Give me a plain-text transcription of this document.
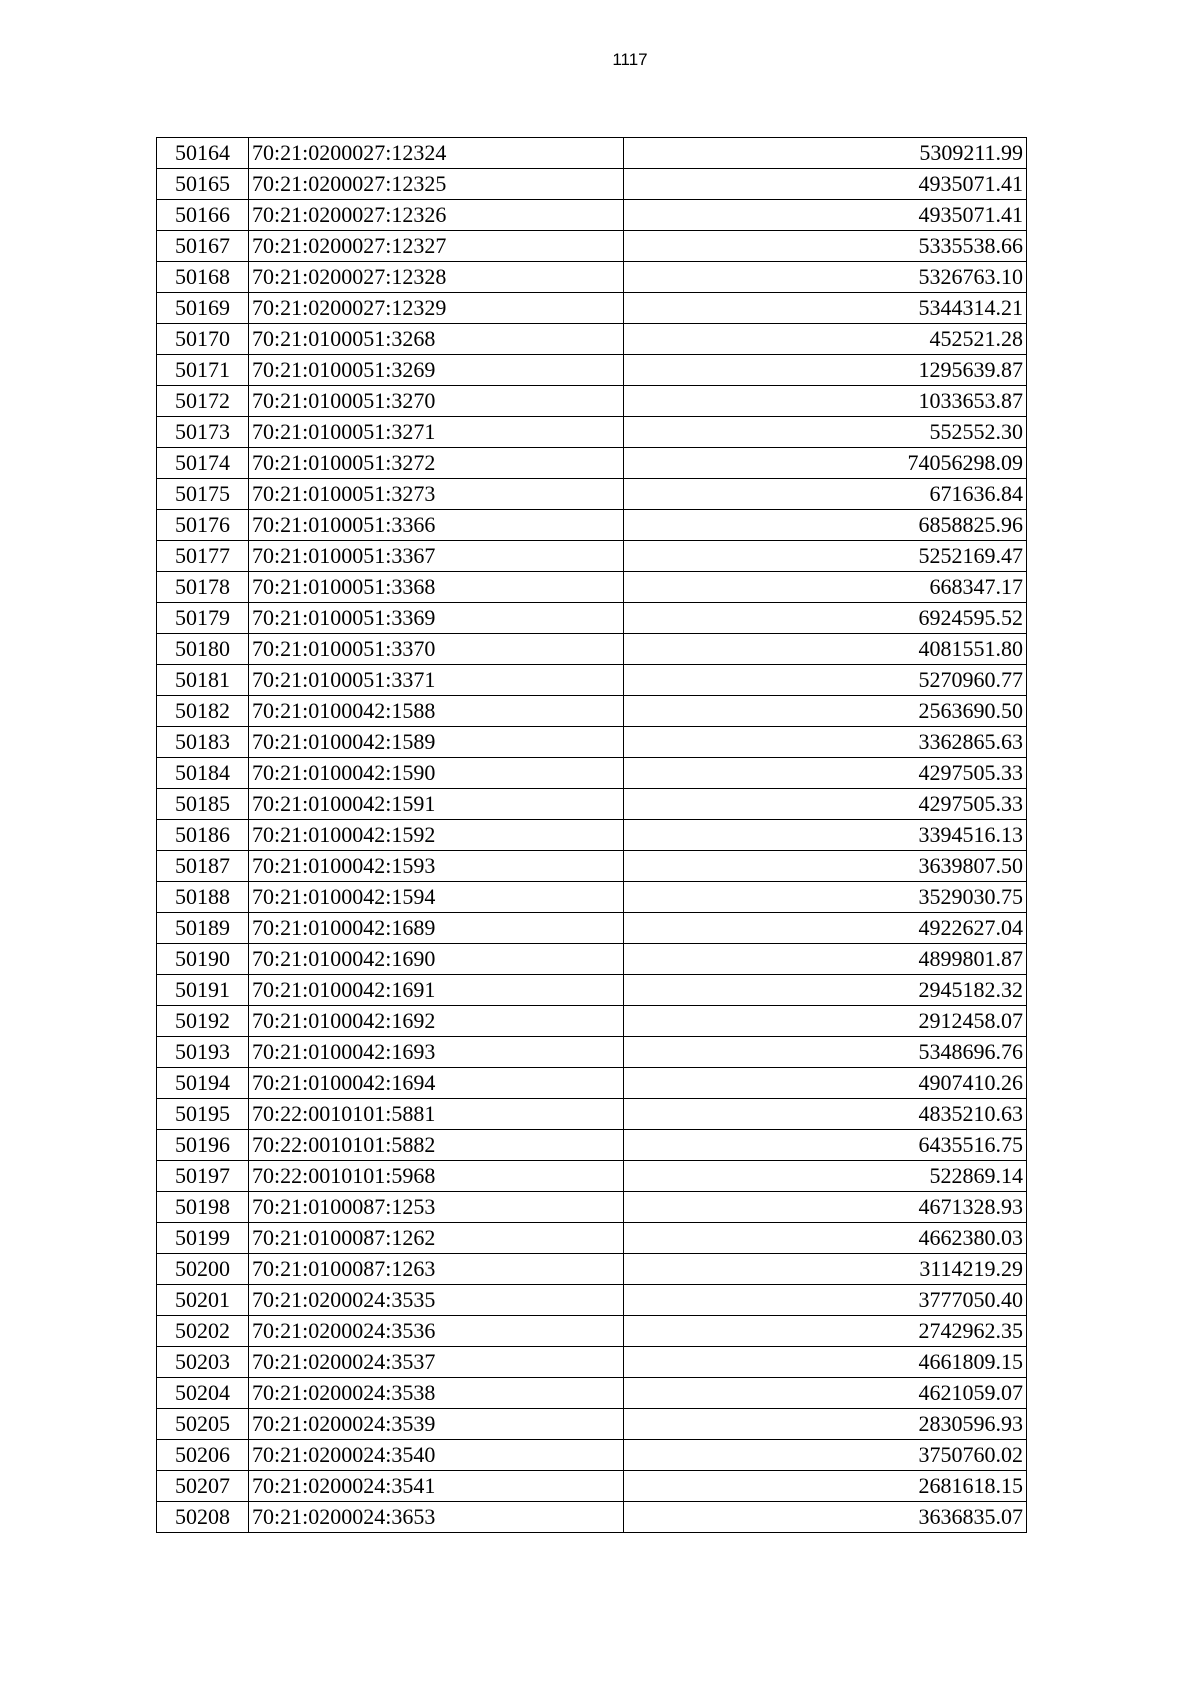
1117
50164	70:21:0200027:12324	5309211.99
50165	70:21:0200027:12325	4935071.41
50166	70:21:0200027:12326	4935071.41
50167	70:21:0200027:12327	5335538.66
50168	70:21:0200027:12328	5326763.10
50169	70:21:0200027:12329	5344314.21
50170	70:21:0100051:3268	452521.28
50171	70:21:0100051:3269	1295639.87
50172	70:21:0100051:3270	1033653.87
50173	70:21:0100051:3271	552552.30
50174	70:21:0100051:3272	74056298.09
50175	70:21:0100051:3273	671636.84
50176	70:21:0100051:3366	6858825.96
50177	70:21:0100051:3367	5252169.47
50178	70:21:0100051:3368	668347.17
50179	70:21:0100051:3369	6924595.52
50180	70:21:0100051:3370	4081551.80
50181	70:21:0100051:3371	5270960.77
50182	70:21:0100042:1588	2563690.50
50183	70:21:0100042:1589	3362865.63
50184	70:21:0100042:1590	4297505.33
50185	70:21:0100042:1591	4297505.33
50186	70:21:0100042:1592	3394516.13
50187	70:21:0100042:1593	3639807.50
50188	70:21:0100042:1594	3529030.75
50189	70:21:0100042:1689	4922627.04
50190	70:21:0100042:1690	4899801.87
50191	70:21:0100042:1691	2945182.32
50192	70:21:0100042:1692	2912458.07
50193	70:21:0100042:1693	5348696.76
50194	70:21:0100042:1694	4907410.26
50195	70:22:0010101:5881	4835210.63
50196	70:22:0010101:5882	6435516.75
50197	70:22:0010101:5968	522869.14
50198	70:21:0100087:1253	4671328.93
50199	70:21:0100087:1262	4662380.03
50200	70:21:0100087:1263	3114219.29
50201	70:21:0200024:3535	3777050.40
50202	70:21:0200024:3536	2742962.35
50203	70:21:0200024:3537	4661809.15
50204	70:21:0200024:3538	4621059.07
50205	70:21:0200024:3539	2830596.93
50206	70:21:0200024:3540	3750760.02
50207	70:21:0200024:3541	2681618.15
50208	70:21:0200024:3653	3636835.07
